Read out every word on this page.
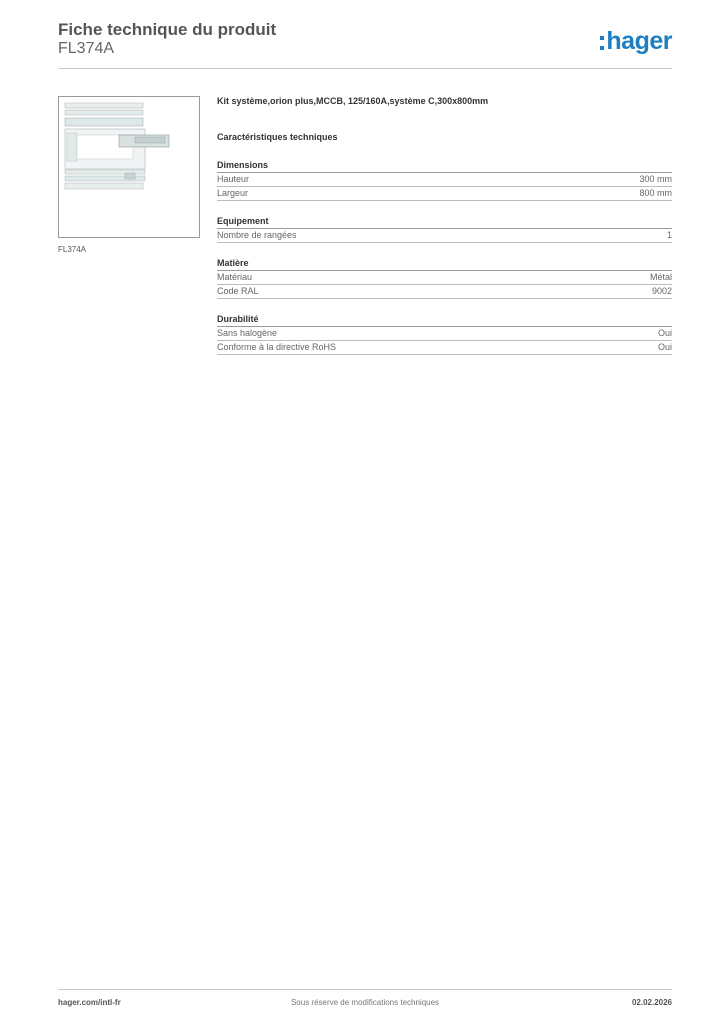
Fiche technique du produit
FL374A	hager
FL374A
Kit système,orion plus,MCCB, 125/160A,système C,300x800mm
Caractéristiques techniques
Dimensions
Hauteur	300 mm
Largeur	800 mm
Equipement
Nombre de rangées	1
Matière
Matériau	Métal
Code RAL	9002
Durabilité
Sans halogène	Oui
Conforme à la directive RoHS	Oui
hager.com/intl-fr	Sous réserve de modifications techniques	02.02.2026
